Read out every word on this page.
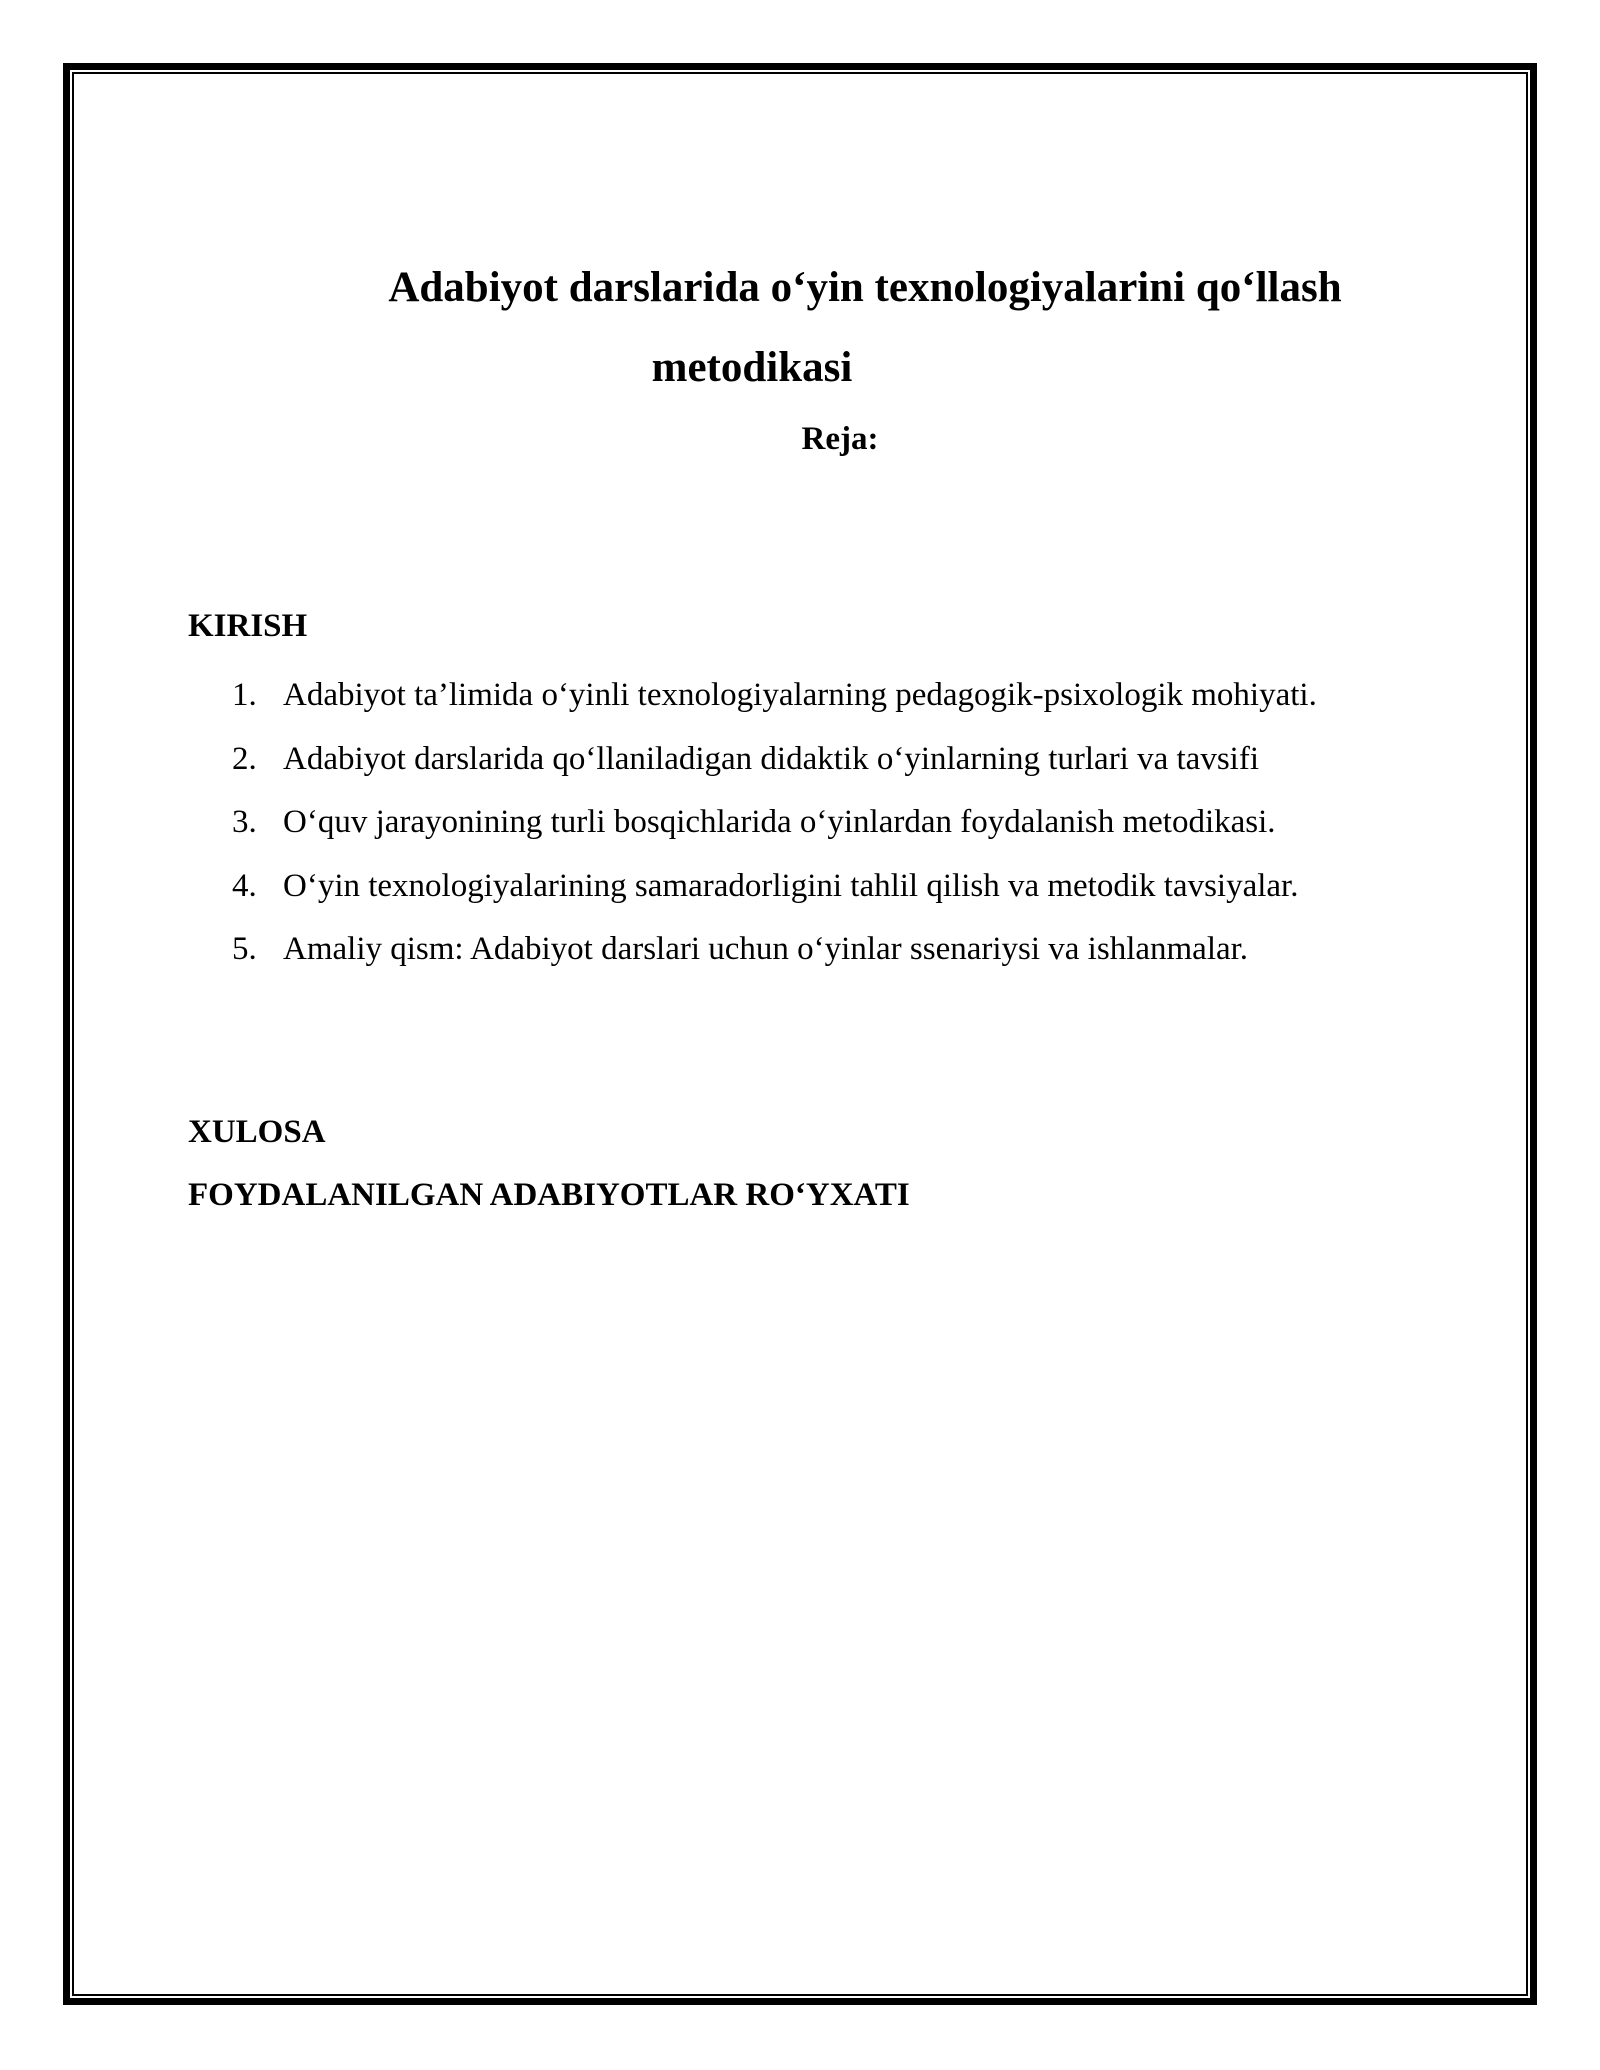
Adabiyot darslarida o‘yin texnologiyalarini qo‘llash
metodikasi

Reja:

KIRISH

1. Adabiyot ta’limida o‘yinli texnologiyalarning pedagogik-psixologik mohiyati.
2. Adabiyot darslarida qo‘llaniladigan didaktik o‘yinlarning turlari va tavsifi
3. O‘quv jarayonining turli bosqichlarida o‘yinlardan foydalanish metodikasi.
4. O‘yin texnologiyalarining samaradorligini tahlil qilish va metodik tavsiyalar.
5. Amaliy qism: Adabiyot darslari uchun o‘yinlar ssenariysi va ishlanmalar.

XULOSA

FOYDALANILGAN ADABIYOTLAR RO‘YXATI
